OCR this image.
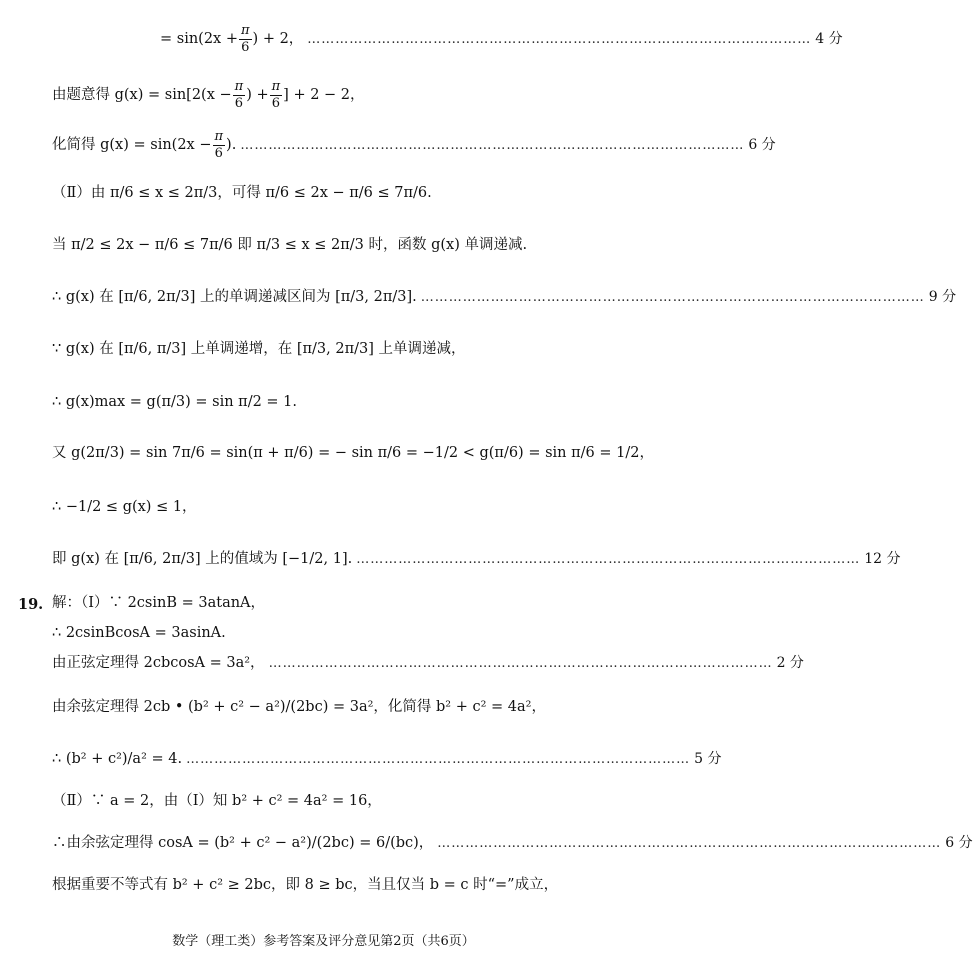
= $\sin(2x + \frac{\pi}{6}$ ) + 2， ……………………………………………………………………………………………… 4 分
由题意得 $g(x) = \sin[2(x - \frac{\pi}{6}$ ) + $\frac{\pi}{6}$ ] + 2 − 2，
化简得 $g(x) = \sin(2x - \frac{\pi}{6}$ ). ……………………………………………………………………………………………… 6 分
（Ⅱ）由 π/6 ≤ x ≤ 2π/3，可得 π/6 ≤ 2x − π/6 ≤ 7π/6.
当 π/2 ≤ 2x − π/6 ≤ 7π/6 即 π/3 ≤ x ≤ 2π/3 时，函数 g(x) 单调递减.
∴ g(x) 在 [π/6, 2π/3] 上的单调递减区间为 [π/3, 2π/3]. ……………………………………………………………………………………………… 9 分
∵ g(x) 在 [π/6, π/3] 上单调递增，在 [π/3, 2π/3] 上单调递减，
∴ g(x)max = g(π/3) = sin π/2 = 1.
又 g(2π/3) = sin 7π/6 = sin(π + π/6) = − sin π/6 = −1/2 < g(π/6) = sin π/6 = 1/2，
∴ −1/2 ≤ g(x) ≤ 1，
即 g(x) 在 [π/6, 2π/3] 上的值域为 [−1/2, 1]. ……………………………………………………………………………………………… 12 分
19. 解：（Ⅰ）∵ 2csinB = 3atanA，
∴ 2csinBcosA = 3asinA.
由正弦定理得 2cbcosA = 3a²， ……………………………………………………………………………………………… 2 分
由余弦定理得 2cb • (b² + c² − a²)/(2bc) = 3a²，化简得 b² + c² = 4a²，
∴ (b² + c²)/a² = 4. ……………………………………………………………………………………………… 5 分
（Ⅱ）∵ a = 2，由（Ⅰ）知 b² + c² = 4a² = 16，
∴由余弦定理得 cosA = (b² + c² − a²)/(2bc) = 6/(bc)， ……………………………………………………………………………………………… 6 分
根据重要不等式有 b² + c² ≥ 2bc，即 8 ≥ bc，当且仅当 b = c 时“=”成立，
数学（理工类）参考答案及评分意见第2页（共6页）
